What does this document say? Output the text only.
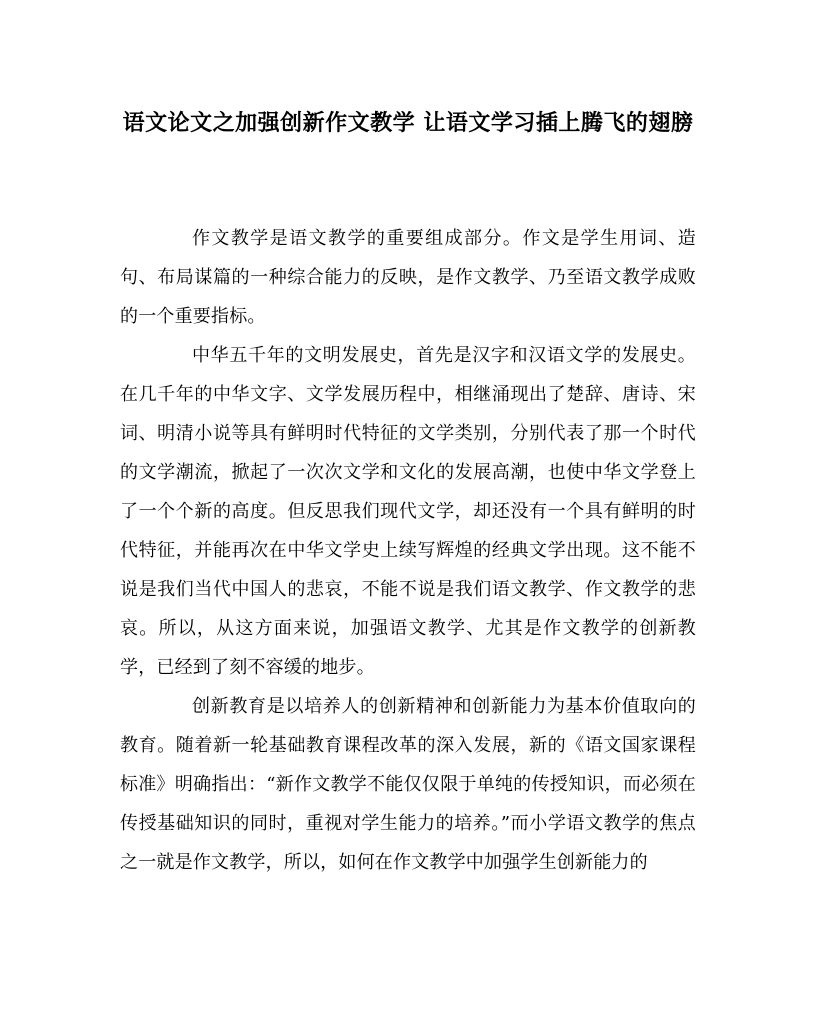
语文论文之加强创新作文教学 让语文学习插上腾飞的翅膀

作文教学是语文教学的重要组成部分。作文是学生用词、造句、布局谋篇的一种综合能力的反映，是作文教学、乃至语文教学成败的一个重要指标。

中华五千年的文明发展史，首先是汉字和汉语文学的发展史。在几千年的中华文字、文学发展历程中，相继涌现出了楚辞、唐诗、宋词、明清小说等具有鲜明时代特征的文学类别，分别代表了那一个时代的文学潮流，掀起了一次次文学和文化的发展高潮，也使中华文学登上了一个个新的高度。但反思我们现代文学，却还没有一个具有鲜明的时代特征，并能再次在中华文学史上续写辉煌的经典文学出现。这不能不说是我们当代中国人的悲哀，不能不说是我们语文教学、作文教学的悲哀。所以，从这方面来说，加强语文教学、尤其是作文教学的创新教学，已经到了刻不容缓的地步。

创新教育是以培养人的创新精神和创新能力为基本价值取向的教育。随着新一轮基础教育课程改革的深入发展，新的《语文国家课程标准》明确指出：“新作文教学不能仅仅限于单纯的传授知识，而必须在传授基础知识的同时，重视对学生能力的培养。”而小学语文教学的焦点之一就是作文教学，所以，如何在作文教学中加强学生创新能力的
